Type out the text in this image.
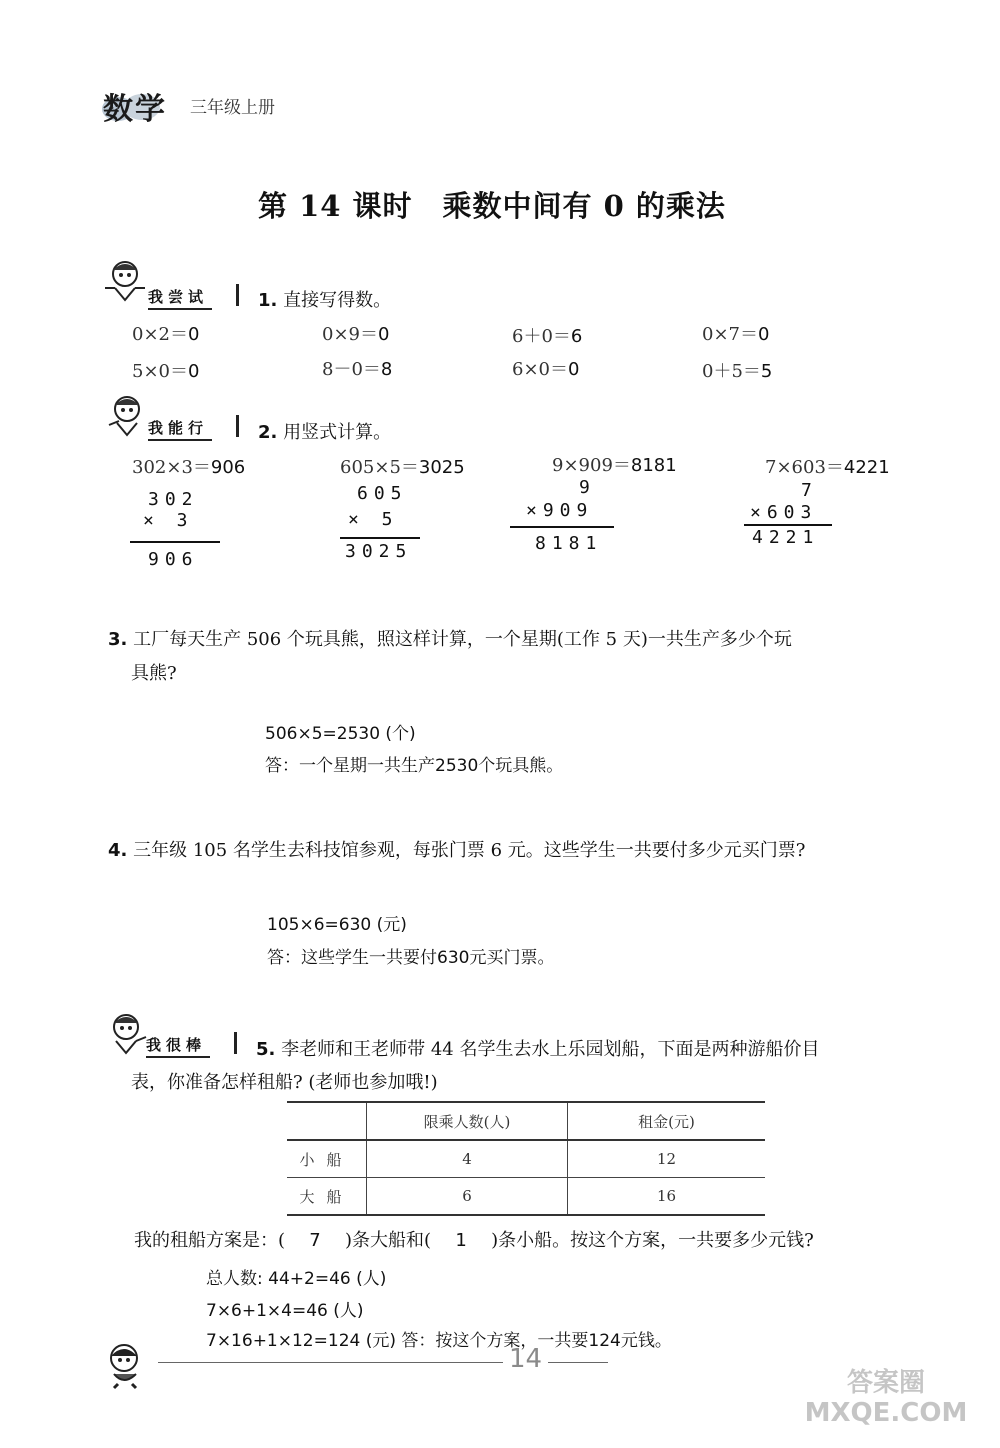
数学 三年级上册
第 14 课时　乘数中间有 0 的乘法
我尝试	1. 直接写得数。
0×2＝0	0×9＝0	6＋0＝6	0×7＝0
5×0＝0	8－0＝8	6×0＝0	0＋5＝5
我能行	2. 用竖式计算。
302×3＝906	605×5＝3025	9×909＝8181	7×603＝4221
302
× 3
906
605
× 5
3025
9
×909
8181
7
×603
4221
3. 工厂每天生产 506 个玩具熊，照这样计算，一个星期(工作 5 天)一共生产多少个玩
具熊?
506×5=2530 (个)
答：一个星期一共生产2530个玩具熊。
4. 三年级 105 名学生去科技馆参观，每张门票 6 元。这些学生一共要付多少元买门票?
105×6=630 (元)
答：这些学生一共要付630元买门票。
我很棒	5. 李老师和王老师带 44 名学生去水上乐园划船，下面是两种游船价目
表，你准备怎样租船? (老师也参加哦!)
	限乘人数(人)	租金(元)
小船	4	12
大船	6	16
我的租船方案是：( 7 )条大船和( 1 )条小船。按这个方案，一共要多少元钱?
总人数: 44+2=46 (人)
7×6+1×4=46 (人)
7×16+1×12=124 (元) 答：按这个方案，一共要124元钱。
14
答案圈 MXQE.COM
